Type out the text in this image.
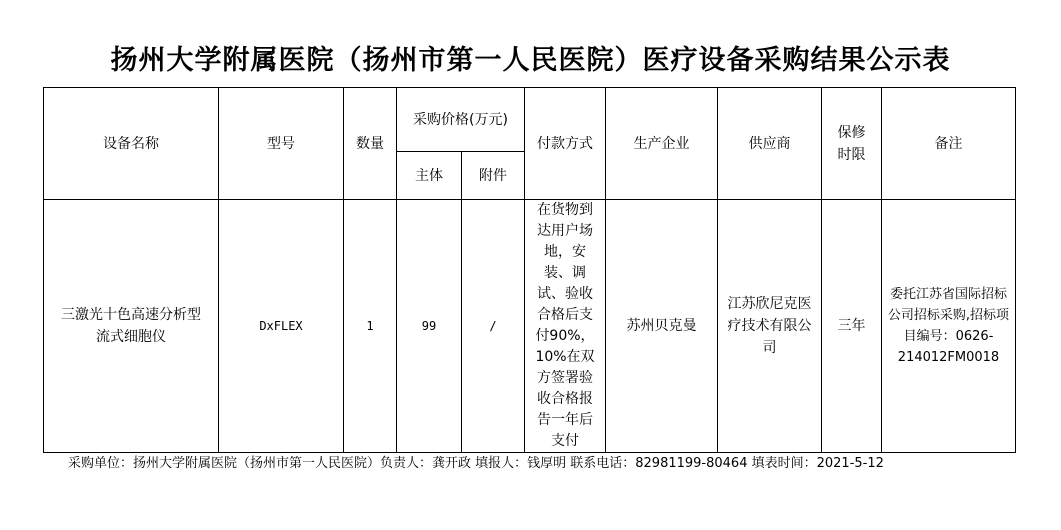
扬州大学附属医院（扬州市第一人民医院）医疗设备采购结果公示表
设备名称	型号	数量	采购价格(万元)		付款方式	生产企业	供应商	保修时限	备注
			主体	附件					
三激光十色高速分析型流式细胞仪	DxFLEX	1	99	/	在货物到达用户场地，安装、调试、验收合格后支付90%，10%在双方签署验收合格报告一年后支付	苏州贝克曼	江苏欣尼克医疗技术有限公司	三年	委托江苏省国际招标公司招标采购,招标项目编号：0626-214012FM0018
采购单位：扬州大学附属医院（扬州市第一人民医院）负责人：龚开政 填报人：钱厚明 联系电话：82981199-80464 填表时间：2021-5-12
